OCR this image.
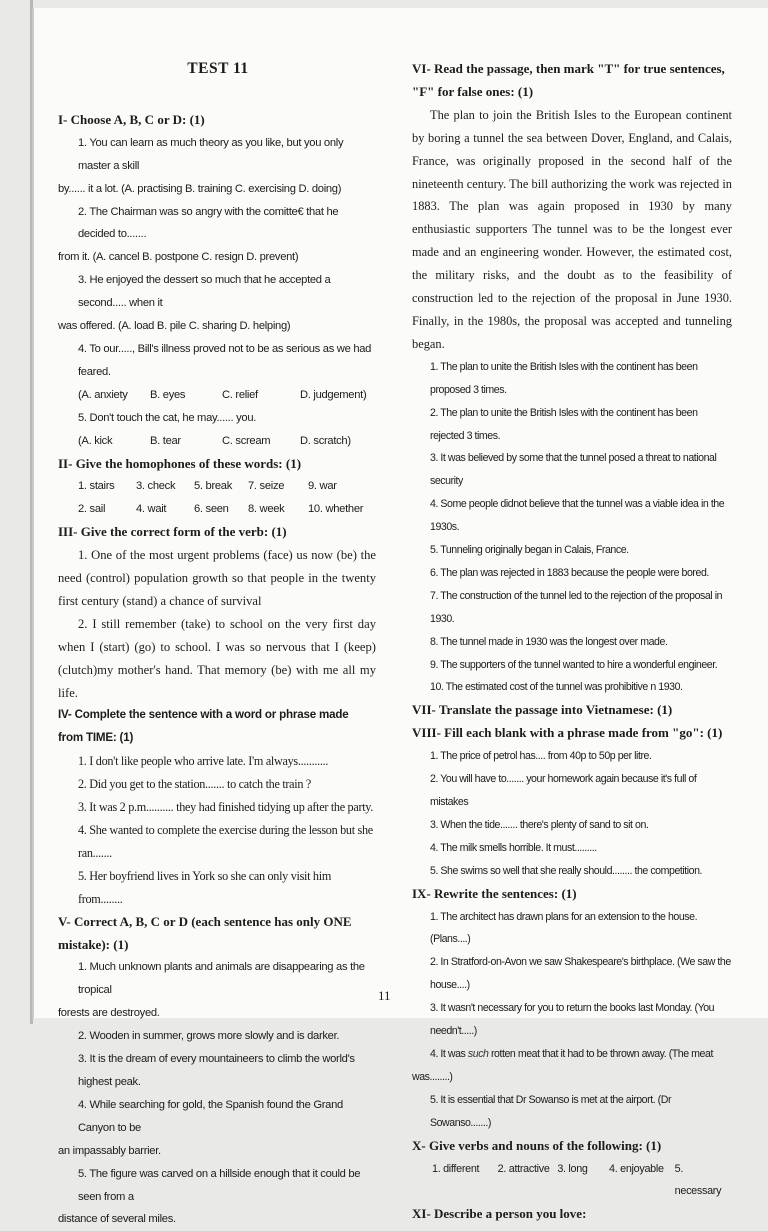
TEST 11
I- Choose A, B, C or D: (1)
1. You can learn as much theory as you like, but you only master a skill
by...... it a lot. (A. practising B. training C. exercising D. doing)
2. The Chairman was so angry with the comitte€ that he decided to.......
from it. (A. cancel B. postpone C. resign D. prevent)
3. He enjoyed the dessert so much that he accepted a second..... when it
was offered. (A. load B. pile C. sharing D. helping)
4. To our....., Bill's illness proved not to be as serious as we had feared.
(A. anxiety	B. eyes	C. relief	D. judgement)
5. Don't touch the cat, he may...... you.
(A. kick	B. tear	C. scream	D. scratch)
II- Give the homophones of these words: (1)
1. stairs	3. check	5. break	7. seize	9. war
2. sail	4. wait	6. seen	8. week	10. whether
III- Give the correct form of the verb: (1)
1. One of the most urgent problems (face) us now (be) the need (control) population growth so that people in the twenty first century (stand) a chance of survival
2. I still remember (take) to school on the very first day when I (start) (go) to school. I was so nervous that I (keep)(clutch)my mother's hand. That memory (be) with me all my life.
IV- Complete the sentence with a word or phrase made from TIME: (1)
1. I don't like people who arrive late. I'm always...........
2. Did you get to the station....... to catch the train ?
3. It was 2 p.m.......... they had finished tidying up after the party.
4. She wanted to complete the exercise during the lesson but she ran.......
5. Her boyfriend lives in York so she can only visit him from........
V- Correct A, B, C or D (each sentence has only ONE mistake): (1)
1. Much unknown plants and animals are disappearing as the tropical
forests are destroyed.
2. Wooden in summer, grows more slowly and is darker.
3. It is the dream of every mountaineers to climb the world's highest peak.
4. While searching for gold, the Spanish found the Grand Canyon to be
an impassably barrier.
5. The figure was carved on a hillside enough that it could be seen from a
distance of several miles.
VI- Read the passage, then mark "T" for true sentences, "F" for false ones: (1)
The plan to join the British Isles to the European continent by boring a tunnel the sea between Dover, England, and Calais, France, was originally proposed in the second half of the nineteenth century. The bill authorizing the work was rejected in 1883. The plan was again proposed in 1930 by many enthusiastic supporters The tunnel was to be the longest ever made and an engineering wonder. However, the estimated cost, the military risks, and the doubt as to the feasibility of construction led to the rejection of the proposal in June 1930. Finally, in the 1980s, the proposal was accepted and tunneling began.
1. The plan to unite the British Isles with the continent has been proposed 3 times.
2. The plan to unite the British Isles with the continent has been rejected 3 times.
3. It was believed by some that the tunnel posed a threat to national security
4. Some people didnot believe that the tunnel was a viable idea in the 1930s.
5. Tunneling originally began in Calais, France.
6. The plan was rejected in 1883 because the people were bored.
7. The construction of the tunnel led to the rejection of the proposal in 1930.
8. The tunnel made in 1930 was the longest over made.
9. The supporters of the tunnel wanted to hire a wonderful engineer.
10. The estimated cost of the tunnel was prohibitive n 1930.
VII- Translate the passage into Vietnamese: (1)
VIII- Fill each blank with a phrase made from "go": (1)
1. The price of petrol has.... from 40p to 50p per litre.
2. You will have to....... your homework again because it's full of mistakes
3. When the tide....... there's plenty of sand to sit on.
4. The milk smells horrible. It must.........
5. She swims so well that she really should........ the competition.
IX- Rewrite the sentences: (1)
1. The architect has drawn plans for an extension to the house. (Plans....)
2. In Stratford-on-Avon we saw Shakespeare's birthplace. (We saw the house....)
3. It wasn't necessary for you to return the books last Monday. (You needn't.....)
4. It was such rotten meat that it had to be thrown away. (The meat
was........)
5. It is essential that Dr Sowanso is met at the airport. (Dr Sowanso.......)
X- Give verbs and nouns of the following: (1)
1. different	2. attractive 3. long	4. enjoyable	5. necessary
XI- Describe a person you love:
11
